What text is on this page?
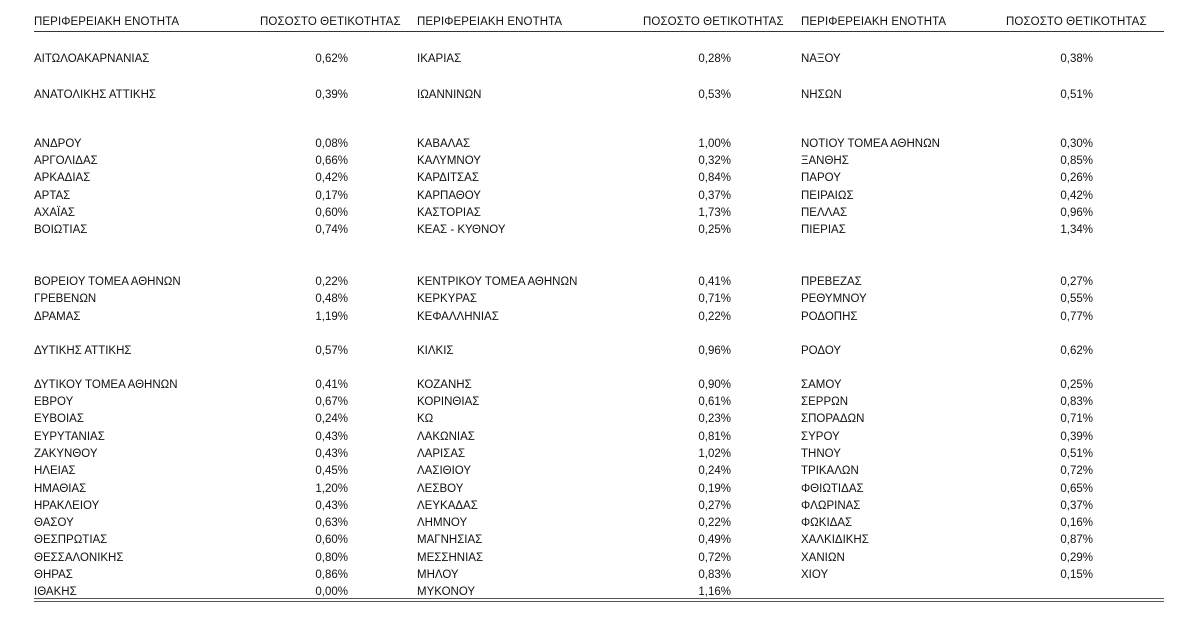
ΠΕΡΙΦΕΡΕΙΑΚΗ ΕΝΟΤΗΤΑ	ΠΟΣΟΣΤΟ ΘΕΤΙΚΟΤΗΤΑΣ ΠΕΡΙΦΕΡΕΙΑΚΗ ΕΝΟΤΗΤΑ	ΠΟΣΟΣΤΟ ΘΕΤΙΚΟΤΗΤΑΣ ΠΕΡΙΦΕΡΕΙΑΚΗ ΕΝΟΤΗΤΑ	ΠΟΣΟΣΤΟ ΘΕΤΙΚΟΤΗΤΑΣ
ΑΙΤΩΛΟΑΚΑΡΝΑΝΙΑΣ	0,62%	ΙΚΑΡΙΑΣ	0,28%	ΝΑΞΟΥ	0,38%
ΑΝΑΤΟΛΙΚΗΣ ΑΤΤΙΚΗΣ	0,39%	ΙΩΑΝΝΙΝΩΝ	0,53%	ΝΗΣΩΝ	0,51%
ΑΝΔΡΟΥ	0,08%	ΚΑΒΑΛΑΣ	1,00%	ΝΟΤΙΟΥ ΤΟΜΕΑ ΑΘΗΝΩΝ	0,30%
ΑΡΓΟΛΙΔΑΣ	0,66%	ΚΑΛΥΜΝΟΥ	0,32%	ΞΑΝΘΗΣ	0,85%
ΑΡΚΑΔΙΑΣ	0,42%	ΚΑΡΔΙΤΣΑΣ	0,84%	ΠΑΡΟΥ	0,26%
ΑΡΤΑΣ	0,17%	ΚΑΡΠΑΘΟΥ	0,37%	ΠΕΙΡΑΙΩΣ	0,42%
ΑΧΑΪΑΣ	0,60%	ΚΑΣΤΟΡΙΑΣ	1,73%	ΠΕΛΛΑΣ	0,96%
ΒΟΙΩΤΙΑΣ	0,74%	ΚΕΑΣ - ΚΥΘΝΟΥ	0,25%	ΠΙΕΡΙΑΣ	1,34%
ΒΟΡΕΙΟΥ ΤΟΜΕΑ ΑΘΗΝΩΝ	0,22%	ΚΕΝΤΡΙΚΟΥ ΤΟΜΕΑ ΑΘΗΝΩΝ	0,41%	ΠΡΕΒΕΖΑΣ	0,27%
ΓΡΕΒΕΝΩΝ	0,48%	ΚΕΡΚΥΡΑΣ	0,71%	ΡΕΘΥΜΝΟΥ	0,55%
ΔΡΑΜΑΣ	1,19%	ΚΕΦΑΛΛΗΝΙΑΣ	0,22%	ΡΟΔΟΠΗΣ	0,77%
ΔΥΤΙΚΗΣ ΑΤΤΙΚΗΣ	0,57%	ΚΙΛΚΙΣ	0,96%	ΡΟΔΟΥ	0,62%
ΔΥΤΙΚΟΥ ΤΟΜΕΑ ΑΘΗΝΩΝ	0,41%	ΚΟΖΑΝΗΣ	0,90%	ΣΑΜΟΥ	0,25%
ΕΒΡΟΥ	0,67%	ΚΟΡΙΝΘΙΑΣ	0,61%	ΣΕΡΡΩΝ	0,83%
ΕΥΒΟΙΑΣ	0,24%	ΚΩ	0,23%	ΣΠΟΡΑΔΩΝ	0,71%
ΕΥΡΥΤΑΝΙΑΣ	0,43%	ΛΑΚΩΝΙΑΣ	0,81%	ΣΥΡΟΥ	0,39%
ΖΑΚΥΝΘΟΥ	0,43%	ΛΑΡΙΣΑΣ	1,02%	ΤΗΝΟΥ	0,51%
ΗΛΕΙΑΣ	0,45%	ΛΑΣΙΘΙΟΥ	0,24%	ΤΡΙΚΑΛΩΝ	0,72%
ΗΜΑΘΙΑΣ	1,20%	ΛΕΣΒΟΥ	0,19%	ΦΘΙΩΤΙΔΑΣ	0,65%
ΗΡΑΚΛΕΙΟΥ	0,43%	ΛΕΥΚΑΔΑΣ	0,27%	ΦΛΩΡΙΝΑΣ	0,37%
ΘΑΣΟΥ	0,63%	ΛΗΜΝΟΥ	0,22%	ΦΩΚΙΔΑΣ	0,16%
ΘΕΣΠΡΩΤΙΑΣ	0,60%	ΜΑΓΝΗΣΙΑΣ	0,49%	ΧΑΛΚΙΔΙΚΗΣ	0,87%
ΘΕΣΣΑΛΟΝΙΚΗΣ	0,80%	ΜΕΣΣΗΝΙΑΣ	0,72%	ΧΑΝΙΩΝ	0,29%
ΘΗΡΑΣ	0,86%	ΜΗΛΟΥ	0,83%	ΧΙΟΥ	0,15%
ΙΘΑΚΗΣ	0,00%	ΜΥΚΟΝΟΥ	1,16%
